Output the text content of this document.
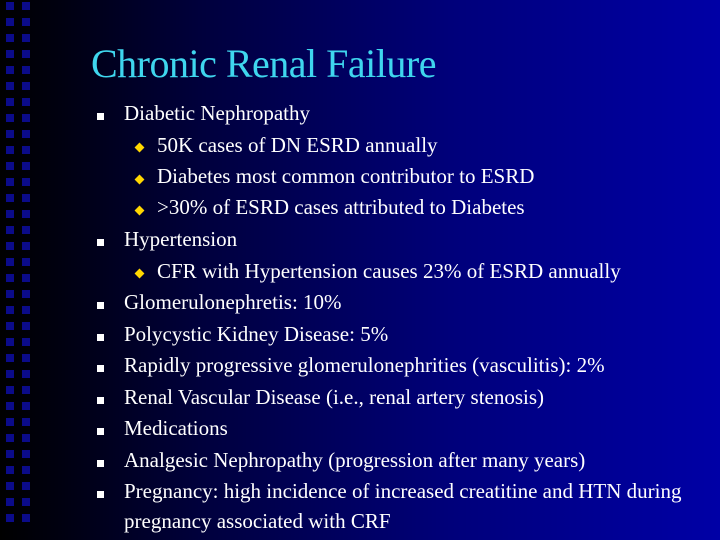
Chronic Renal Failure
Diabetic Nephropathy
50K cases of DN ESRD annually
Diabetes most common contributor to ESRD
>30% of ESRD cases attributed to Diabetes
Hypertension
CFR with Hypertension causes 23% of ESRD annually
Glomerulonephretis: 10%
Polycystic Kidney Disease: 5%
Rapidly progressive glomerulonephrities (vasculitis): 2%
Renal Vascular Disease (i.e., renal artery stenosis)
Medications
Analgesic Nephropathy (progression after many years)
Pregnancy: high incidence of increased creatitine and HTN during pregnancy associated with CRF
